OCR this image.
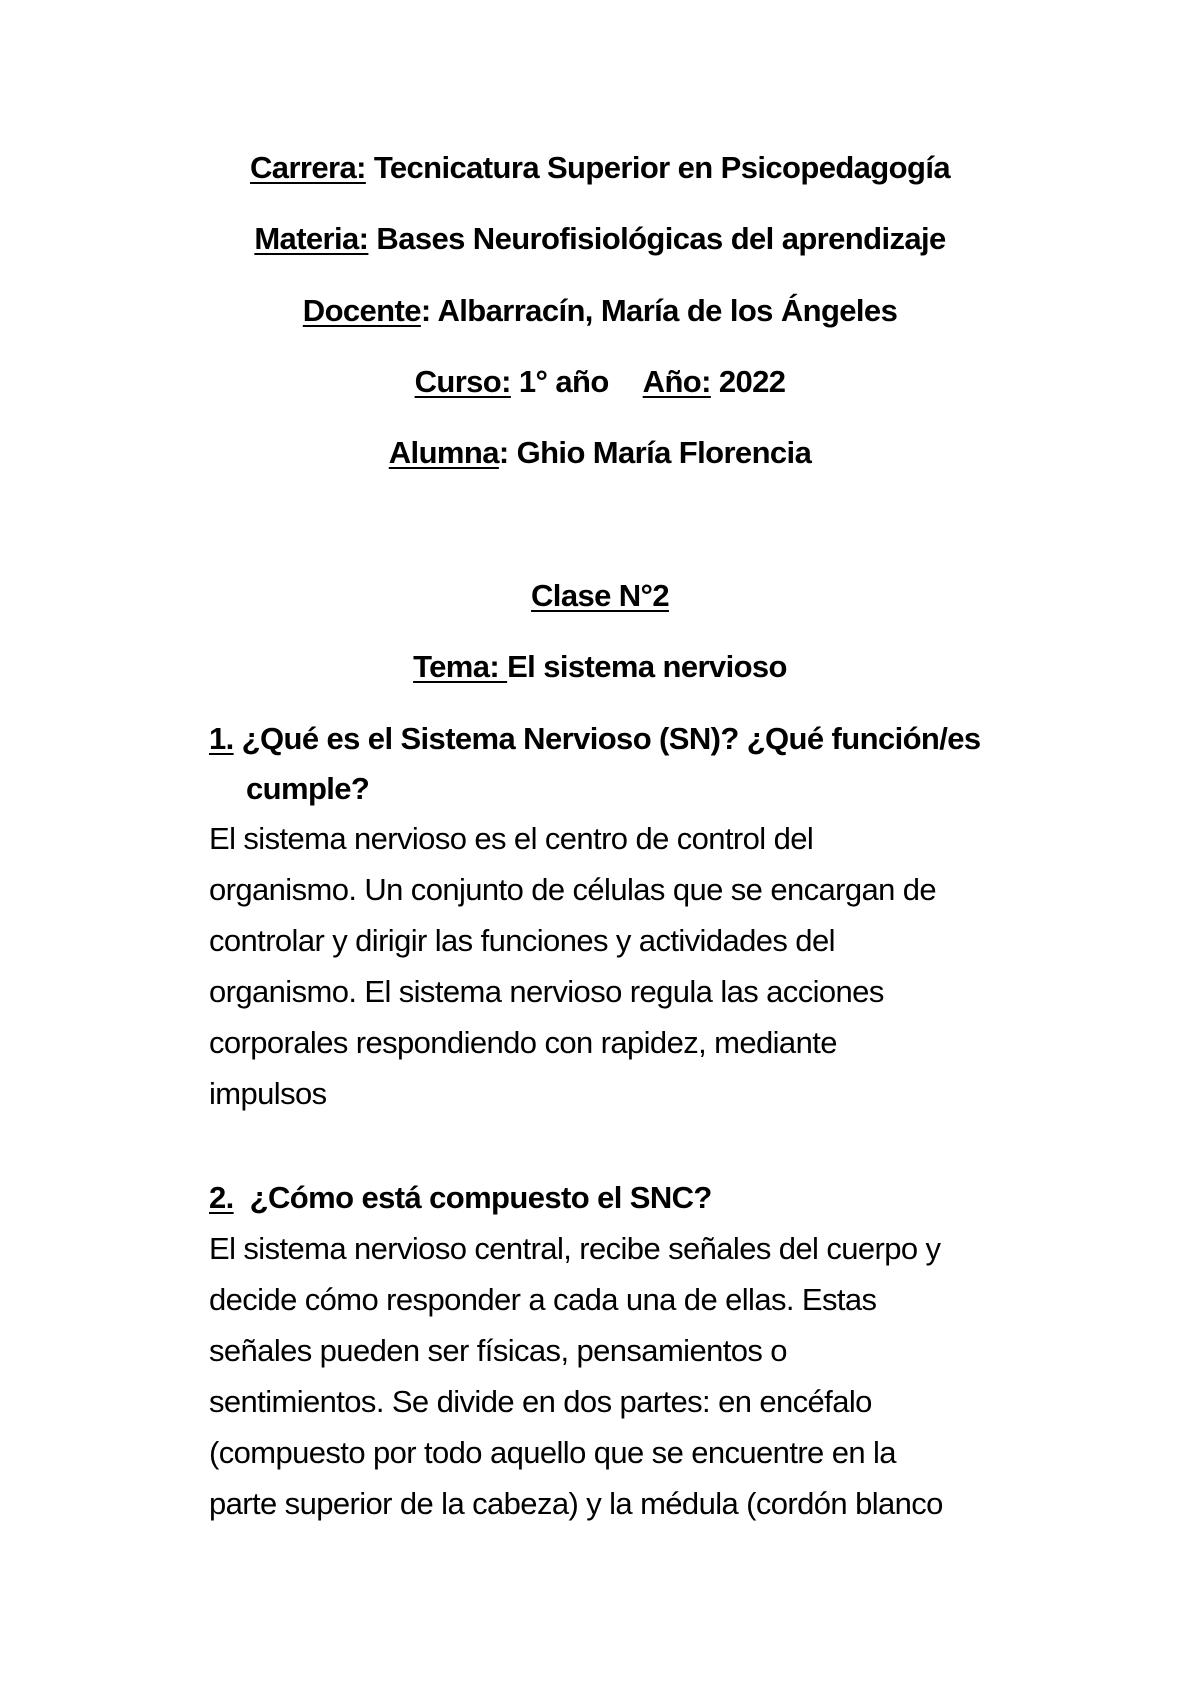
Carrera: Tecnicatura Superior en Psicopedagogía
Materia: Bases Neurofisiológicas del aprendizaje
Docente: Albarracín, María de los Ángeles
Curso: 1° año Año: 2022
Alumna: Ghio María Florencia
Clase N°2
Tema: El sistema nervioso
1. ¿Qué es el Sistema Nervioso (SN)? ¿Qué función/es
cumple?
El sistema nervioso es el centro de control del
organismo. Un conjunto de células que se encargan de
controlar y dirigir las funciones y actividades del
organismo. El sistema nervioso regula las acciones
corporales respondiendo con rapidez, mediante
impulsos
2.  ¿Cómo está compuesto el SNC?
El sistema nervioso central, recibe señales del cuerpo y
decide cómo responder a cada una de ellas. Estas
señales pueden ser físicas, pensamientos o
sentimientos. Se divide en dos partes: en encéfalo
(compuesto por todo aquello que se encuentre en la
parte superior de la cabeza) y la médula (cordón blanco
